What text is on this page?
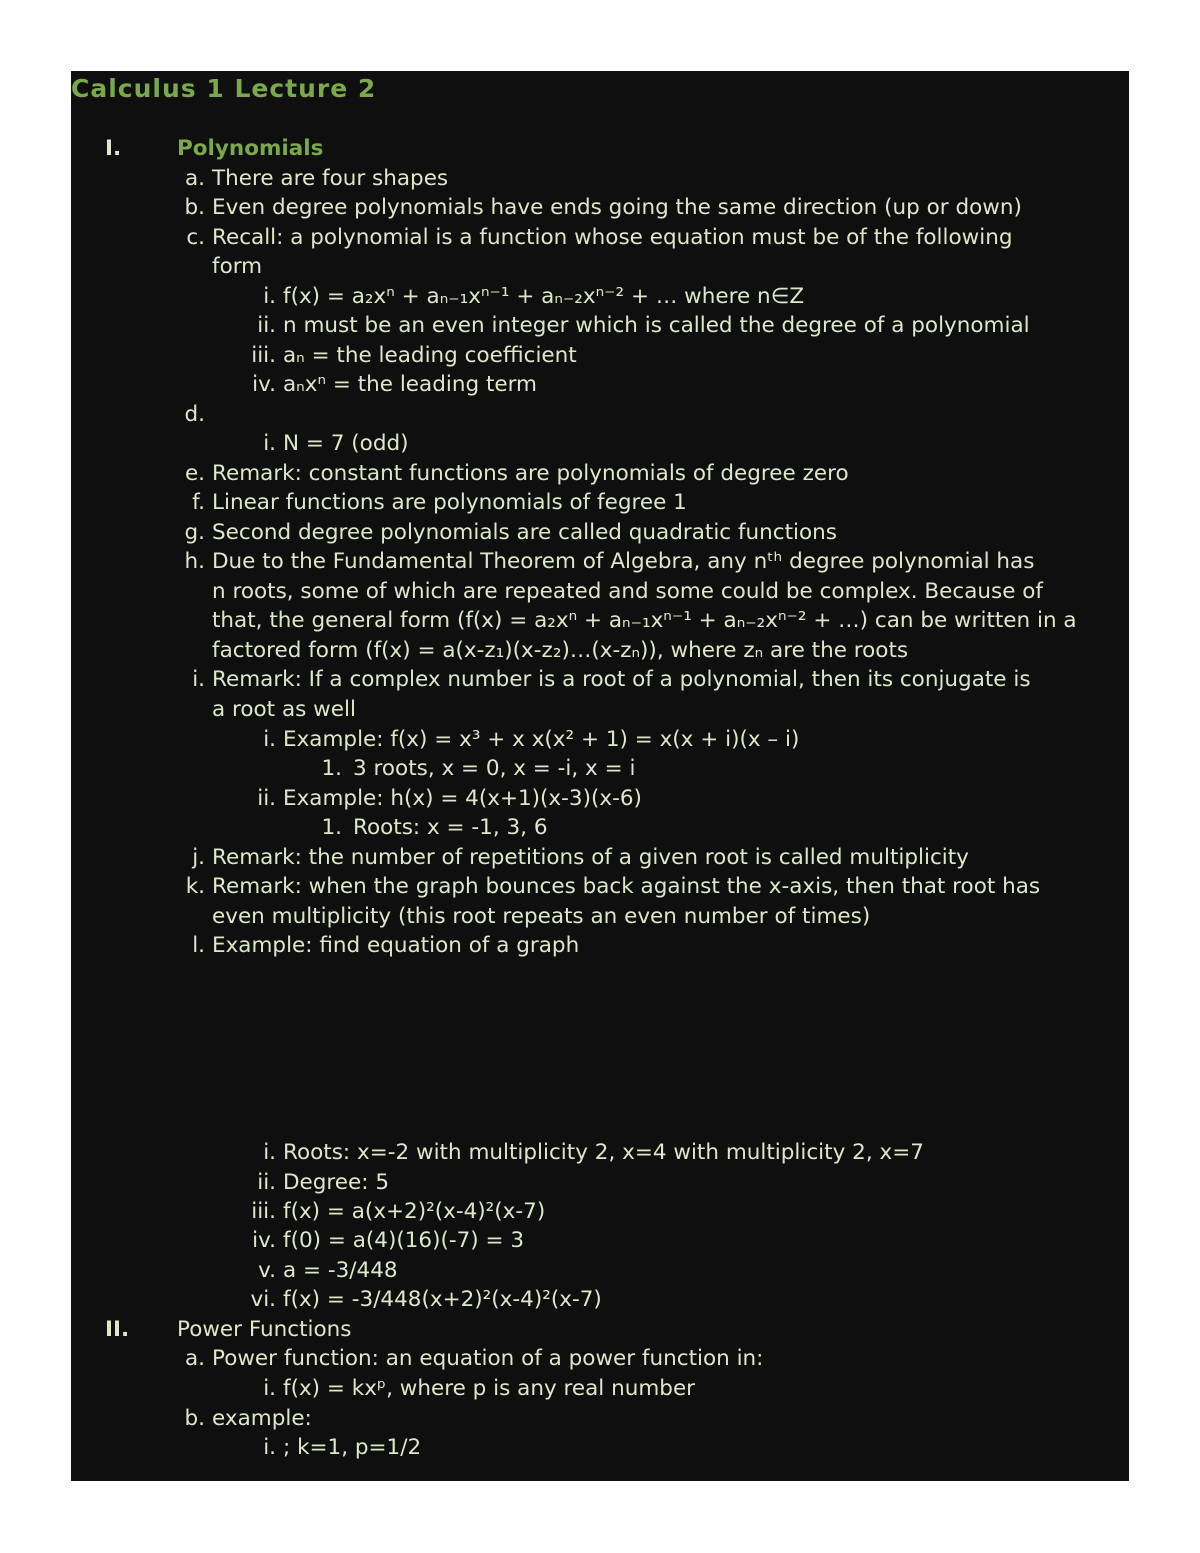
Calculus 1 Lecture 2
I.	Polynomials
a. There are four shapes
b. Even degree polynomials have ends going the same direction (up or down)
c. Recall: a polynomial is a function whose equation must be of the following
form
i. f(x) = a₂xⁿ + aₙ₋₁xⁿ⁻¹ + aₙ₋₂xⁿ⁻² + … where n∈Z
ii. n must be an even integer which is called the degree of a polynomial
iii. aₙ = the leading coefficient
iv. aₙxⁿ = the leading term
d.
i. N = 7 (odd)
e. Remark: constant functions are polynomials of degree zero
f. Linear functions are polynomials of fegree 1
g. Second degree polynomials are called quadratic functions
h. Due to the Fundamental Theorem of Algebra, any nᵗʰ degree polynomial has
n roots, some of which are repeated and some could be complex. Because of
that, the general form (f(x) = a₂xⁿ + aₙ₋₁xⁿ⁻¹ + aₙ₋₂xⁿ⁻² + …) can be written in a
factored form (f(x) = a(x-z₁)(x-z₂)…(x-zₙ)), where zₙ are the roots
i. Remark: If a complex number is a root of a polynomial, then its conjugate is
a root as well
i. Example: f(x) = x³ + x x(x² + 1) = x(x + i)(x – i)
1. 3 roots, x = 0, x = -i, x = i
ii. Example: h(x) = 4(x+1)(x-3)(x-6)
1. Roots: x = -1, 3, 6
j. Remark: the number of repetitions of a given root is called multiplicity
k. Remark: when the graph bounces back against the x-axis, then that root has
even multiplicity (this root repeats an even number of times)
l. Example: find equation of a graph
i. Roots: x=-2 with multiplicity 2, x=4 with multiplicity 2, x=7
ii. Degree: 5
iii. f(x) = a(x+2)²(x-4)²(x-7)
iv. f(0) = a(4)(16)(-7) = 3
v. a = -3/448
vi. f(x) = -3/448(x+2)²(x-4)²(x-7)
II. Power Functions
a. Power function: an equation of a power function in:
i. f(x) = kxᵖ, where p is any real number
b. example:
i. ; k=1, p=1/2
